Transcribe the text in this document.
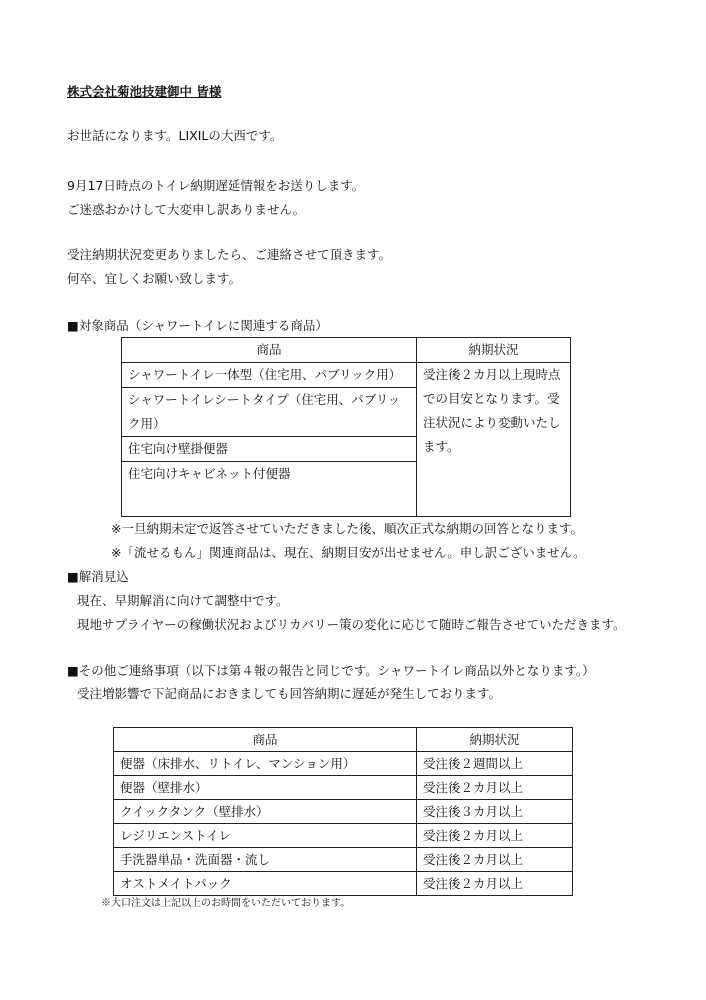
株式会社菊池技建御中 皆様
お世話になります。LIXILの大西です。
9月17日時点のトイレ納期遅延情報をお送りします。
ご迷惑おかけして大変申し訳ありません。
受注納期状況変更ありましたら、ご連絡させて頂きます。
何卒、宜しくお願い致します。
■対象商品（シャワートイレに関連する商品）
商品	納期状況
シャワートイレ一体型（住宅用、パブリック用）	受注後２カ月以上現時点での目安となります。受注状況により変動いたします。
シャワートイレシートタイプ（住宅用、パブリック用）	
住宅向け壁掛便器	
住宅向けキャビネット付便器	
※一旦納期未定で返答させていただきました後、順次正式な納期の回答となります。
※「流せるもん」関連商品は、現在、納期目安が出せません。申し訳ございません。
■解消見込
現在、早期解消に向けて調整中です。
現地サプライヤーの稼働状況およびリカバリー策の変化に応じて随時ご報告させていただきます。
■その他ご連絡事項（以下は第４報の報告と同じです。シャワートイレ商品以外となります。）
受注増影響で下記商品におきましても回答納期に遅延が発生しております。
商品	納期状況
便器（床排水、リトイレ、マンション用）	受注後２週間以上
便器（壁排水）	受注後２カ月以上
クイックタンク（壁排水）	受注後３カ月以上
レジリエンストイレ	受注後２カ月以上
手洗器単品・洗面器・流し	受注後２カ月以上
オストメイトパック	受注後２カ月以上
※大口注文は上記以上のお時間をいただいております。
